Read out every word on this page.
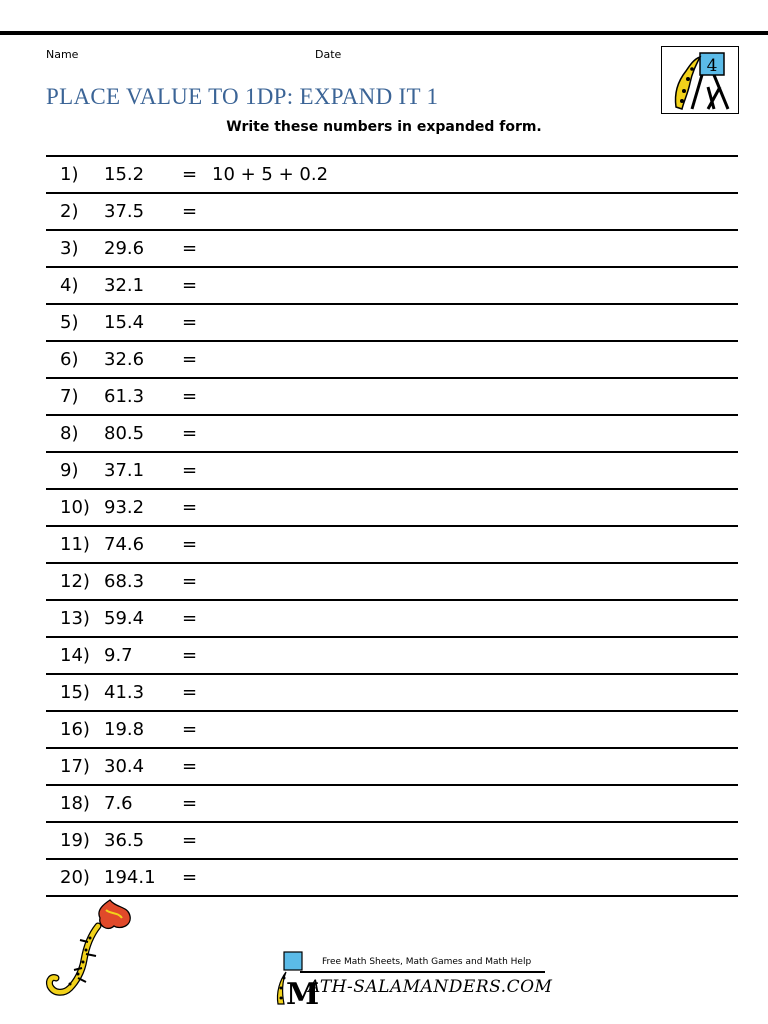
Name	Date
PLACE VALUE TO 1DP: EXPAND IT 1
4
Write these numbers in expanded form.
1) 15.2 = 10 + 5 + 0.2
2) 37.5 =
3) 29.6 =
4) 32.1 =
5) 15.4 =
6) 32.6 =
7) 61.3 =
8) 80.5 =
9) 37.1 =
10) 93.2 =
11) 74.6 =
12) 68.3 =
13) 59.4 =
14) 9.7	=
15) 41.3 =
16) 19.8 =
17) 30.4 =
18) 7.6	=
19) 36.5 =
20) 194.1 =
M
Free Math Sheets, Math Games and Math Help
ATH-SALAMANDERS.COM
